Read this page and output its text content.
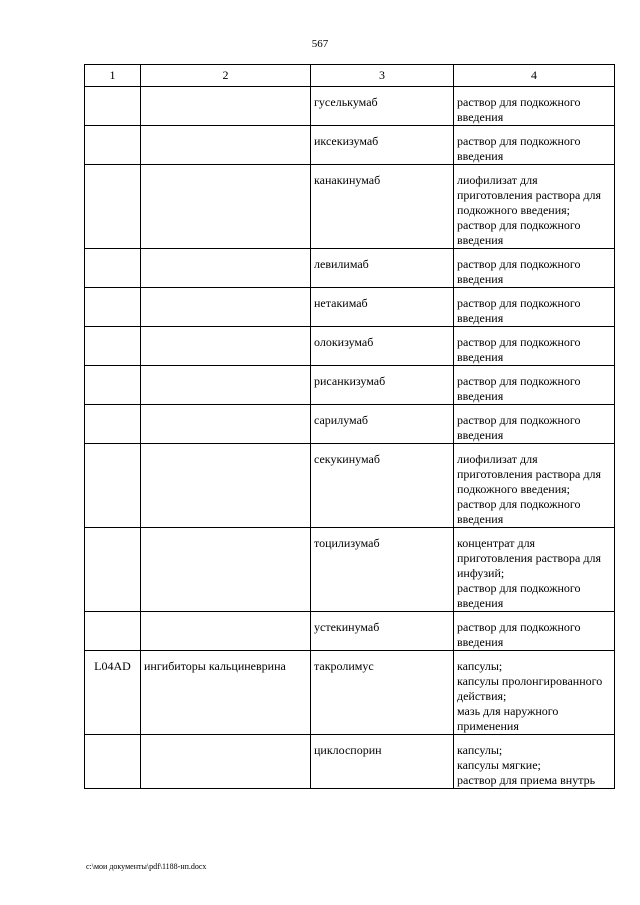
567
1	2	3	4
		гуселькумаб	раствор для подкожного введения

		иксекизумаб	раствор для подкожного введения

		канакинумаб	лиофилизат для приготовления раствора для подкожного введения;
раствор для подкожного введения

		левилимаб	раствор для подкожного введения

		нетакимаб	раствор для подкожного введения

		олокизумаб	раствор для подкожного введения

		рисанкизумаб	раствор для подкожного введения

		сарилумаб	раствор для подкожного введения

		секукинумаб	лиофилизат для приготовления раствора для подкожного введения;
раствор для подкожного введения

		тоцилизумаб	концентрат для приготовления раствора для инфузий;
раствор для подкожного введения

		устекинумаб	раствор для подкожного введения

L04AD	ингибиторы кальциневрина	такролимус	капсулы;
капсулы пролонгированного действия;
мазь для наружного применения

		циклоспорин	капсулы;
капсулы мягкие;
раствор для приема внутрь
c:\мои документы\pdf\1188-нп.docx
